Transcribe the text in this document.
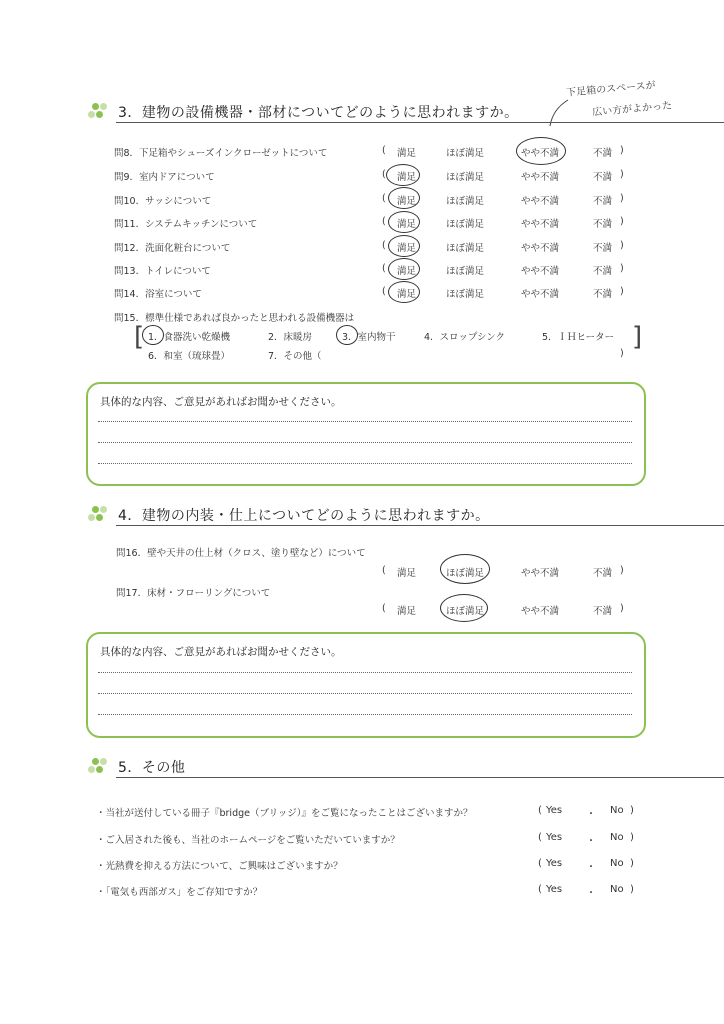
下足箱のスペースが
広い方がよかった
3．建物の設備機器・部材についてどのように思われますか。
問8．下足箱やシューズインクローゼットについて	( 満足	ほぼ満足	やや不満	不満 )
問9．室内ドアについて	( 満足	ほぼ満足	やや不満	不満 )
問10．サッシについて	( 満足	ほぼ満足	やや不満	不満 )
問11．システムキッチンについて	( 満足	ほぼ満足	やや不満	不満 )
問12．洗面化粧台について	( 満足	ほぼ満足	やや不満	不満 )
問13．トイレについて	( 満足	ほぼ満足	やや不満	不満 )
問14．浴室について	( 満足	ほぼ満足	やや不満	不満 )
問15．標準仕様であれば良かったと思われる設備機器は
[ 1．食器洗い乾燥機	2．床暖房	3．室内物干	4．スロップシンク	5．ＩＨヒーター
6．和室（琉球畳）	7．その他（	)
]
具体的な内容、ご意見があればお聞かせください。
4．建物の内装・仕上についてどのように思われますか。
問16．壁や天井の仕上材（クロス、塗り壁など）について
( 満足	ほぼ満足	やや不満	不満 )
問17．床材・フローリングについて
( 満足	ほぼ満足	やや不満	不満 )
具体的な内容、ご意見があればお聞かせください。
5．その他
・当社が送付している冊子『bridge（ブリッジ）』をご覧になったことはございますか？	( Yes ・ No )
・ご入居された後も、当社のホームページをご覧いただいていますか？	( Yes ・ No )
・光熱費を抑える方法について、ご興味はございますか？	( Yes ・ No )
・「電気も西部ガス」をご存知ですか？	( Yes ・ No )
